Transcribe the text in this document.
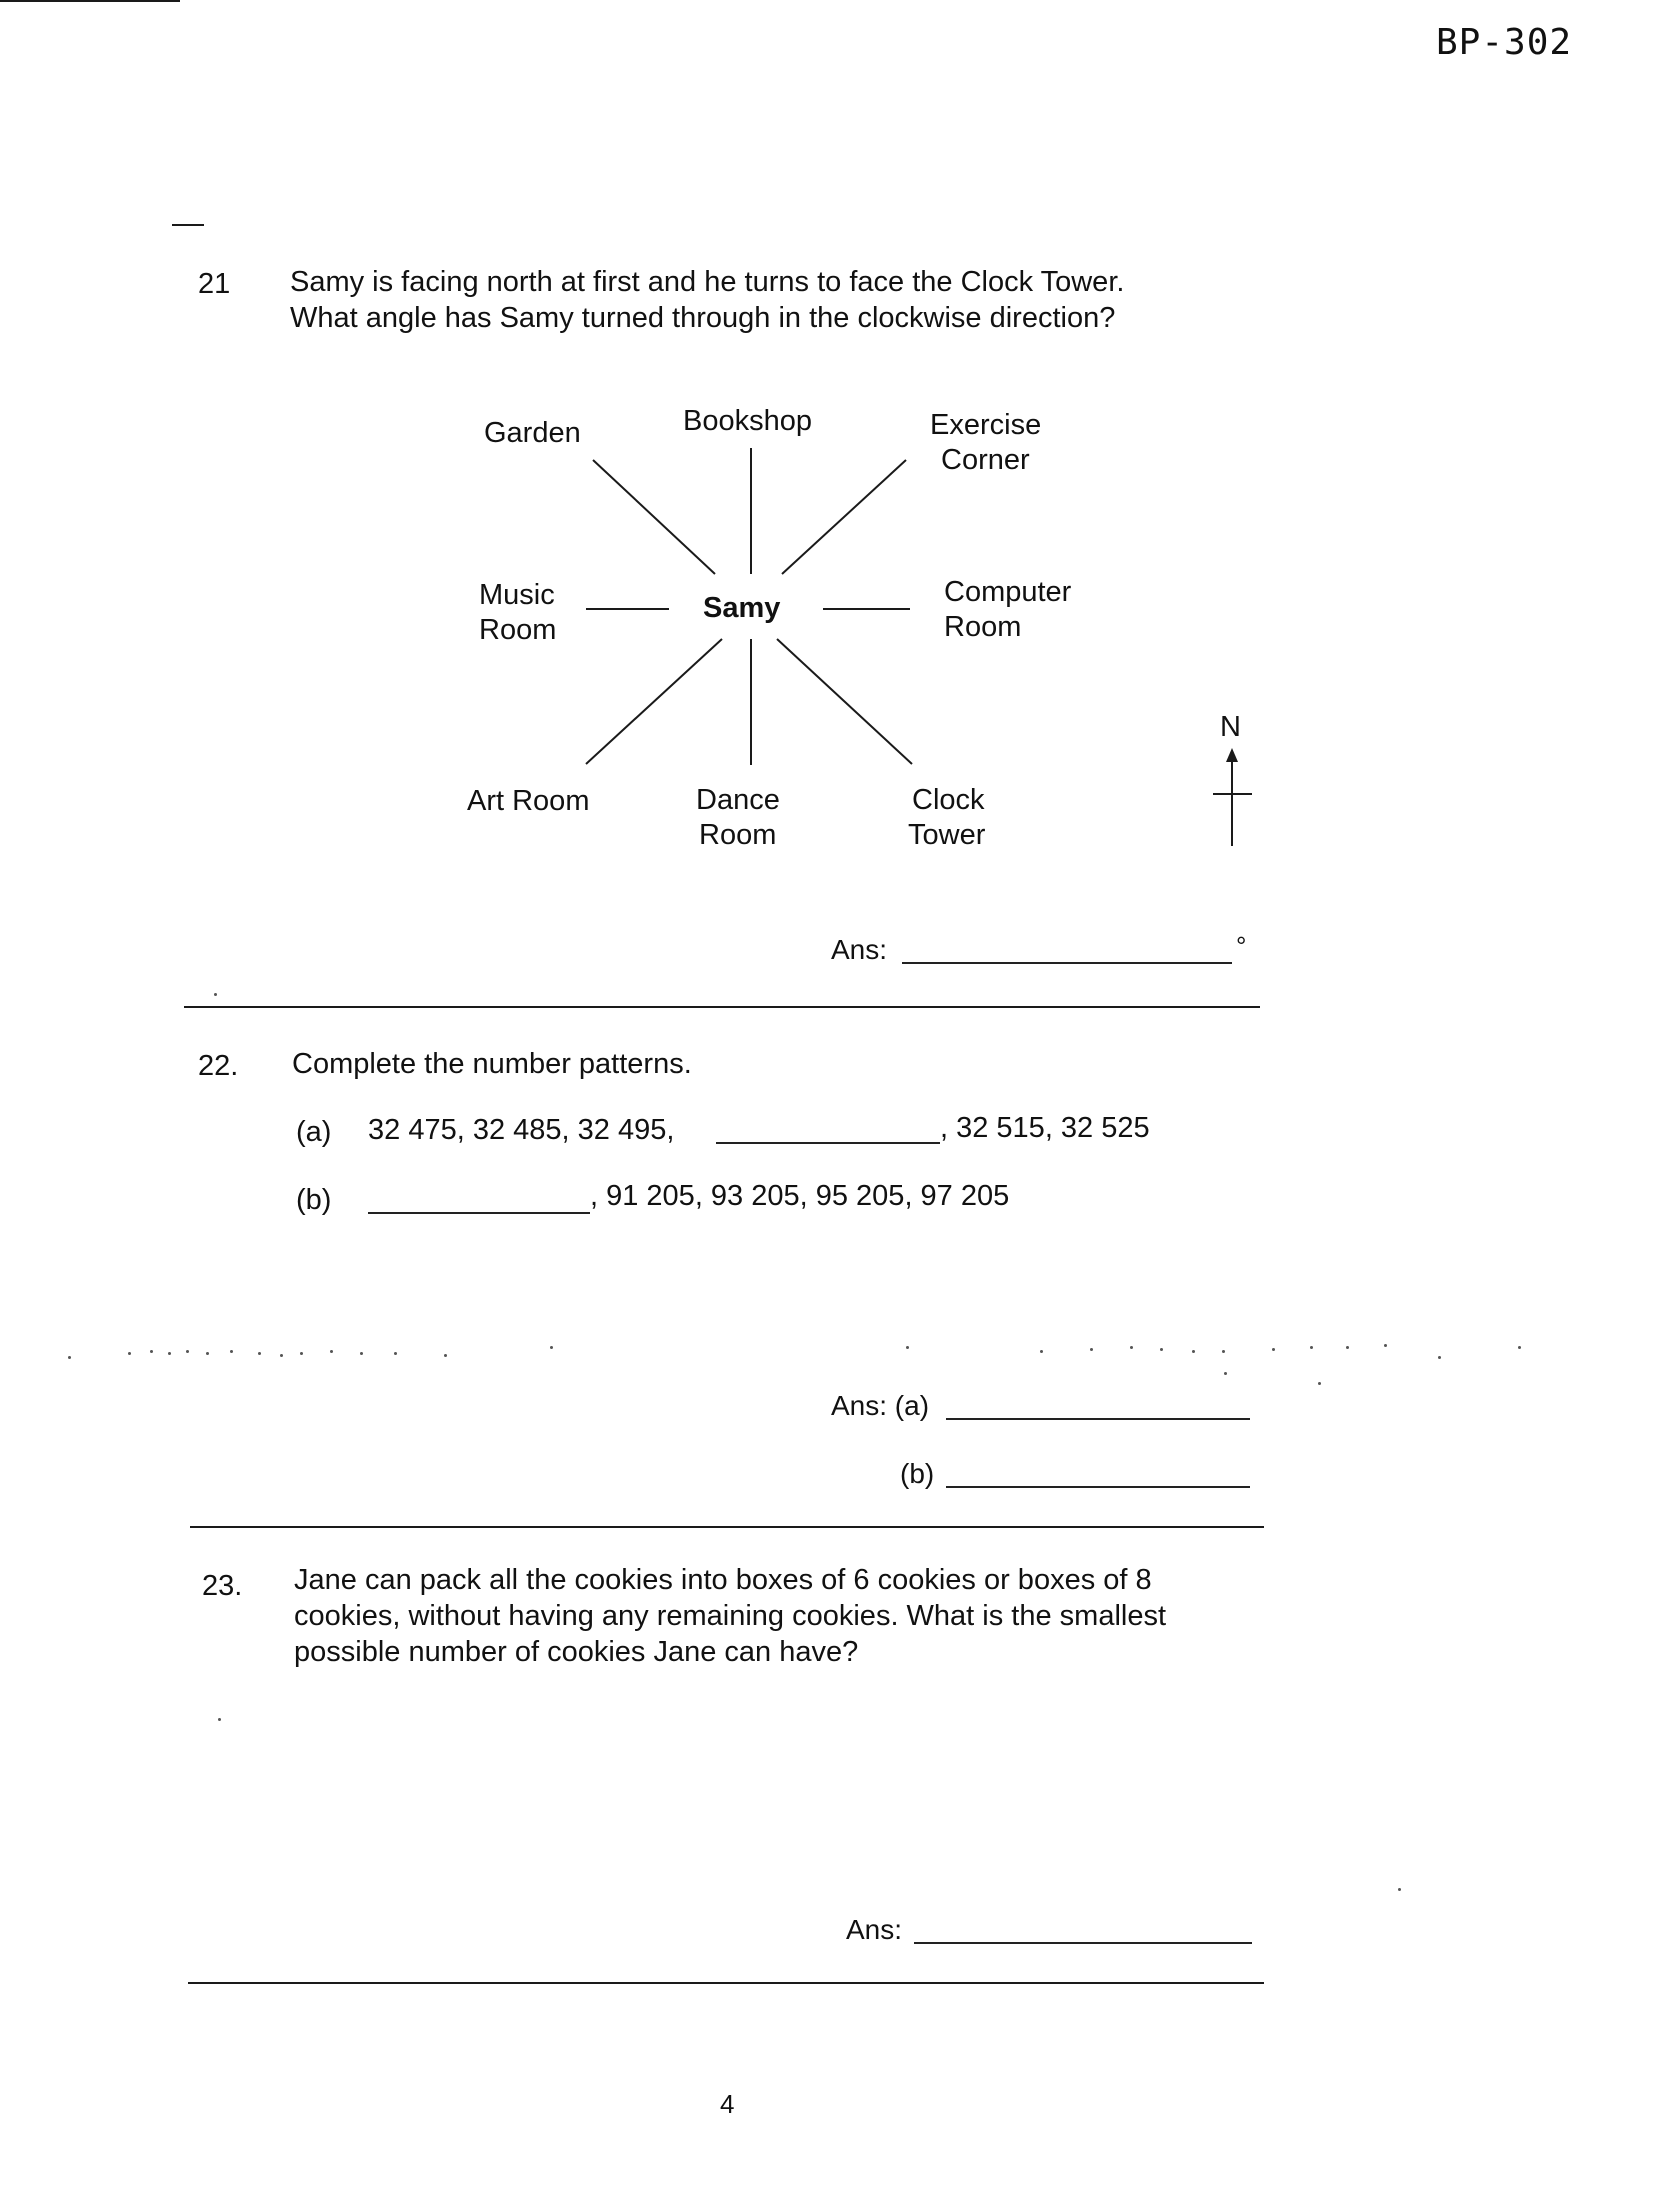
BP-302
21 Samy is facing north at first and he turns to face the Clock Tower.
What angle has Samy turned through in the clockwise direction?
Garden	Bookshop	Exercise
Corner
Music
Room
Samy	Computer
Room
Art Room	Dance
Room
Clock
Tower
N
Ans:	°
22. Complete the number patterns.
(a) 32 475, 32 485, 32 495,	, 32 515, 32 525
(b)	, 91 205, 93 205, 95 205, 97 205
Ans: (a)
(b)
23. Jane can pack all the cookies into boxes of 6 cookies or boxes of 8
cookies, without having any remaining cookies. What is the smallest
possible number of cookies Jane can have?
Ans:
4
